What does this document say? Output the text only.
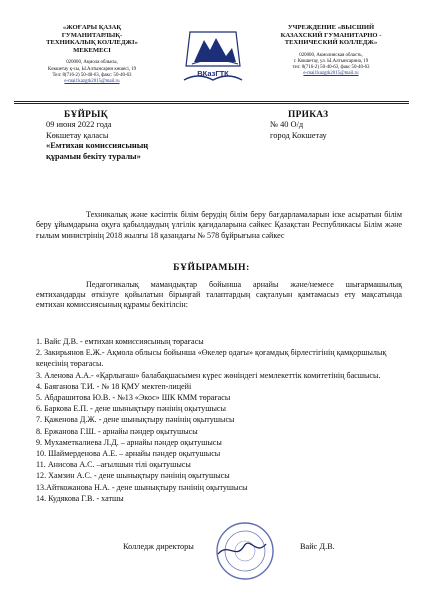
«ЖОҒАРЫ ҚАЗАҚ
ГУМАНИТАРЛЫҚ-
ТЕХНИКАЛЫҚ КОЛЛЕДЖІ»
МЕКЕМЕСІ
020000, Ақмола облысы,
Көкшетау қ-сы, Ы.Алтынсарин көшесі, 19
Тел: 8(716-2) 50-40-63, факс: 50-40-63
e-mail:kazgtk2015@mail.ru
ВКазГТК
УЧРЕЖДЕНИЕ «ВЫСШИЙ
КАЗАХСКИЙ ГУМАНИТАРНО -
ТЕХНИЧЕСКИЙ КОЛЛЕДЖ»
020000, Акмолинская область,
г. Кокшетау, ул. Ы.Алтынсарина, 19
тел: 8(716-2) 50-40-63, факс 50-40-63
e-mail:kazgtk2015@mail.ru
БҰЙРЫҚ
09 июня 2022 года
Көкшетау қаласы
«Емтихан комиссиясының
құрамын бекіту туралы»
ПРИКАЗ
№ 40 О/д
город Кокшетау

Техникалық және кәсіптік білім берудің білім беру бағдарламаларын іске асыратын білім беру ұйымдарына оқуға қабылдаудың үлгілік қағидаларына сәйкес Қазақстан Республикасы Білім және ғылым министрінің 2018 жылғы 18 қазандағы № 578 бұйрығына сәйкес

БҰЙЫРАМЫН:

Педагогикалық мамандықтар бойынша арнайы және/немесе шығармашылық емтихандарды өткізуге қойылатын бірыңғай талаптардың сақталуын қамтамасыз ету мақсатында емтихан комиссиясының құрамы бекітілсін:

1. Вайс Д.В. - емтихан комиссиясының төрағасы
2. Закирьянов Е.Ж.- Ақмола облысы бойынша «Өкелер одағы» қоғамдық бірлестігінің қамқоршылық кеңесінің төрағасы.
3. Аленова А.А.- «Қарлығаш» балабақшасымен күрес жөніндегі мемлекеттік комитетінің басшысы.
4. Баяганова Т.И. - № 18 ҚМУ мектеп-лицейі
5. Абдрашитова Ю.В. - №13 «Экос» ШК КММ төрағасы
6. Баркова Е.П. - дене шынықтыру пәнінің оқытушысы
7. Қаженова Д.Ж. - дене шынықтыру пәнінің оқытушысы
8. Ержанова Г.Ш. - арнайы пәндер оқытушысы
9. Мухаметкалиева Л.Д. – арнайы пәндер оқытушысы
10. Шаймерденова А.Е. – арнайы пәндер оқытушысы
11. Анисова А.С. –ағылшын тілі оқытушысы
12. Хамзин А.С. - дене шынықтыру пәнінің оқытушысы
13.Айткожанова Н.А. - дене шынықтыру пәнінің оқытушысы
14. Кудякова Г.В. - хатшы
Колледж директоры	Вайс Д.В.
